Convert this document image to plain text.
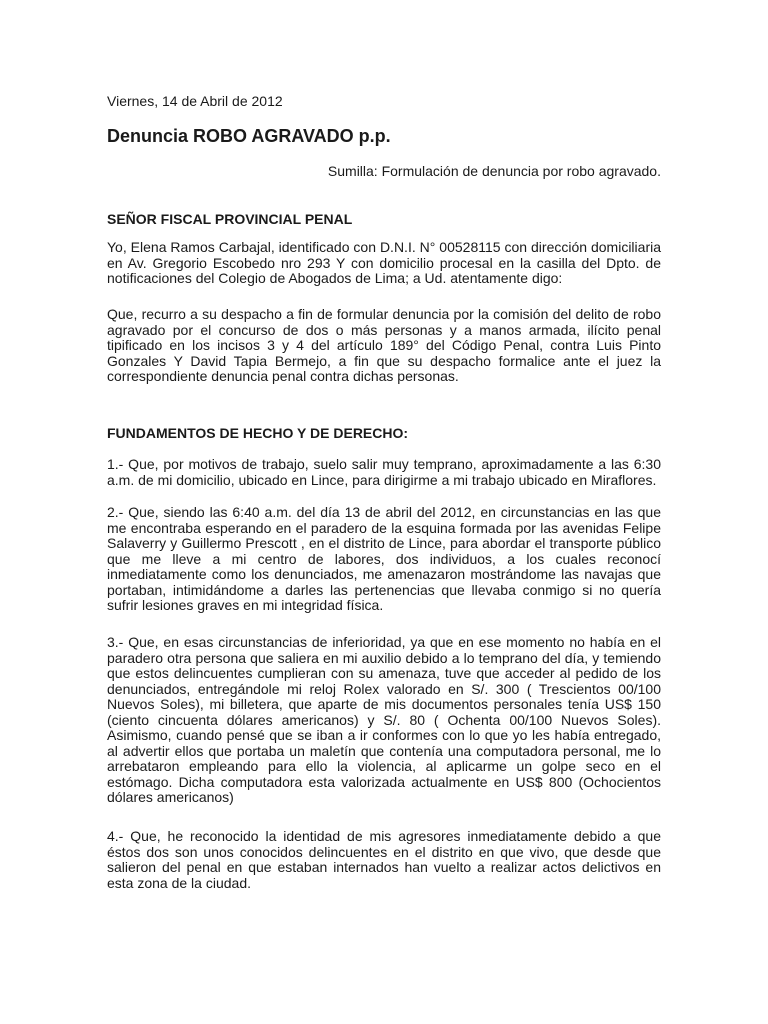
Viernes, 14 de Abril de 2012

Denuncia ROBO AGRAVADO p.p.

Sumilla: Formulación de denuncia por robo agravado.

SEÑOR FISCAL PROVINCIAL PENAL

Yo, Elena Ramos Carbajal, identificado con D.N.I. N° 00528115 con dirección domiciliaria en Av. Gregorio Escobedo nro 293 Y con domicilio procesal en la casilla del Dpto. de notificaciones del Colegio de Abogados de Lima; a Ud. atentamente digo:

Que, recurro a su despacho a fin de formular denuncia por la comisión del delito de robo agravado por el concurso de dos o más personas y a manos armada, ilícito penal tipificado en los incisos 3 y 4 del artículo 189° del Código Penal, contra Luis Pinto Gonzales Y David Tapia Bermejo, a fin que su despacho formalice ante el juez la correspondiente denuncia penal contra dichas personas.

FUNDAMENTOS DE HECHO Y DE DERECHO:

1.- Que, por motivos de trabajo, suelo salir muy temprano, aproximadamente a las 6:30 a.m. de mi domicilio, ubicado en Lince, para dirigirme a mi trabajo ubicado en Miraflores.

2.- Que, siendo las 6:40 a.m. del día 13 de abril del 2012, en circunstancias en las que me encontraba esperando en el paradero de la esquina formada por las avenidas Felipe Salaverry y Guillermo Prescott , en el distrito de Lince, para abordar el transporte público que me lleve a mi centro de labores, dos individuos, a los cuales reconocí inmediatamente como los denunciados, me amenazaron mostrándome las navajas que portaban, intimidándome a darles las pertenencias que llevaba conmigo si no quería sufrir lesiones graves en mi integridad física.

3.- Que, en esas circunstancias de inferioridad, ya que en ese momento no había en el paradero otra persona que saliera en mi auxilio debido a lo temprano del día, y temiendo que estos delincuentes cumplieran con su amenaza, tuve que acceder al pedido de los denunciados, entregándole mi reloj Rolex valorado en S/. 300 ( Trescientos 00/100 Nuevos Soles), mi billetera, que aparte de mis documentos personales tenía US$ 150 (ciento cincuenta dólares americanos) y S/. 80 ( Ochenta 00/100 Nuevos Soles). Asimismo, cuando pensé que se iban a ir conformes con lo que yo les había entregado, al advertir ellos que portaba un maletín que contenía una computadora personal, me lo arrebataron empleando para ello la violencia, al aplicarme un golpe seco en el estómago. Dicha computadora esta valorizada actualmente en US$ 800 (Ochocientos dólares americanos)

4.- Que, he reconocido la identidad de mis agresores inmediatamente debido a que éstos dos son unos conocidos delincuentes en el distrito en que vivo, que desde que salieron del penal en que estaban internados han vuelto a realizar actos delictivos en esta zona de la ciudad.
